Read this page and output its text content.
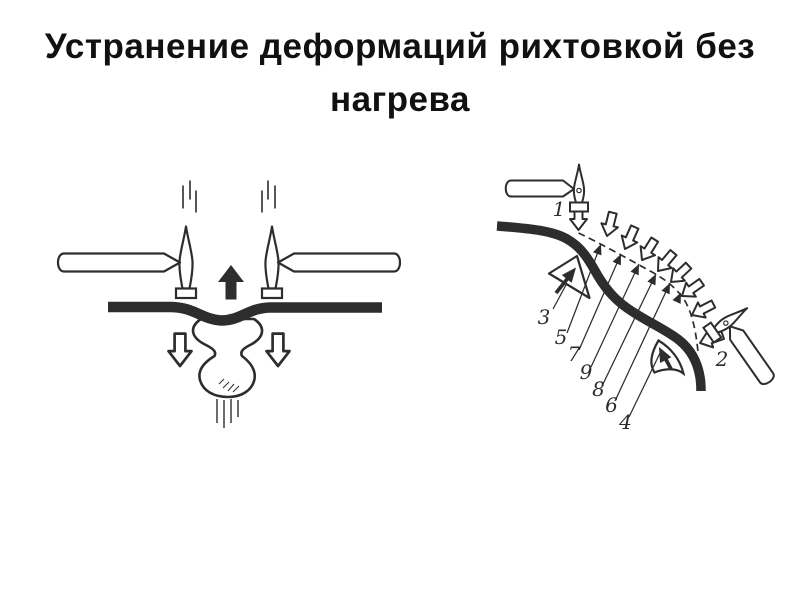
Устранение деформаций рихтовкой без
нагрева
1
2
3
5
7
9
8
6
4
